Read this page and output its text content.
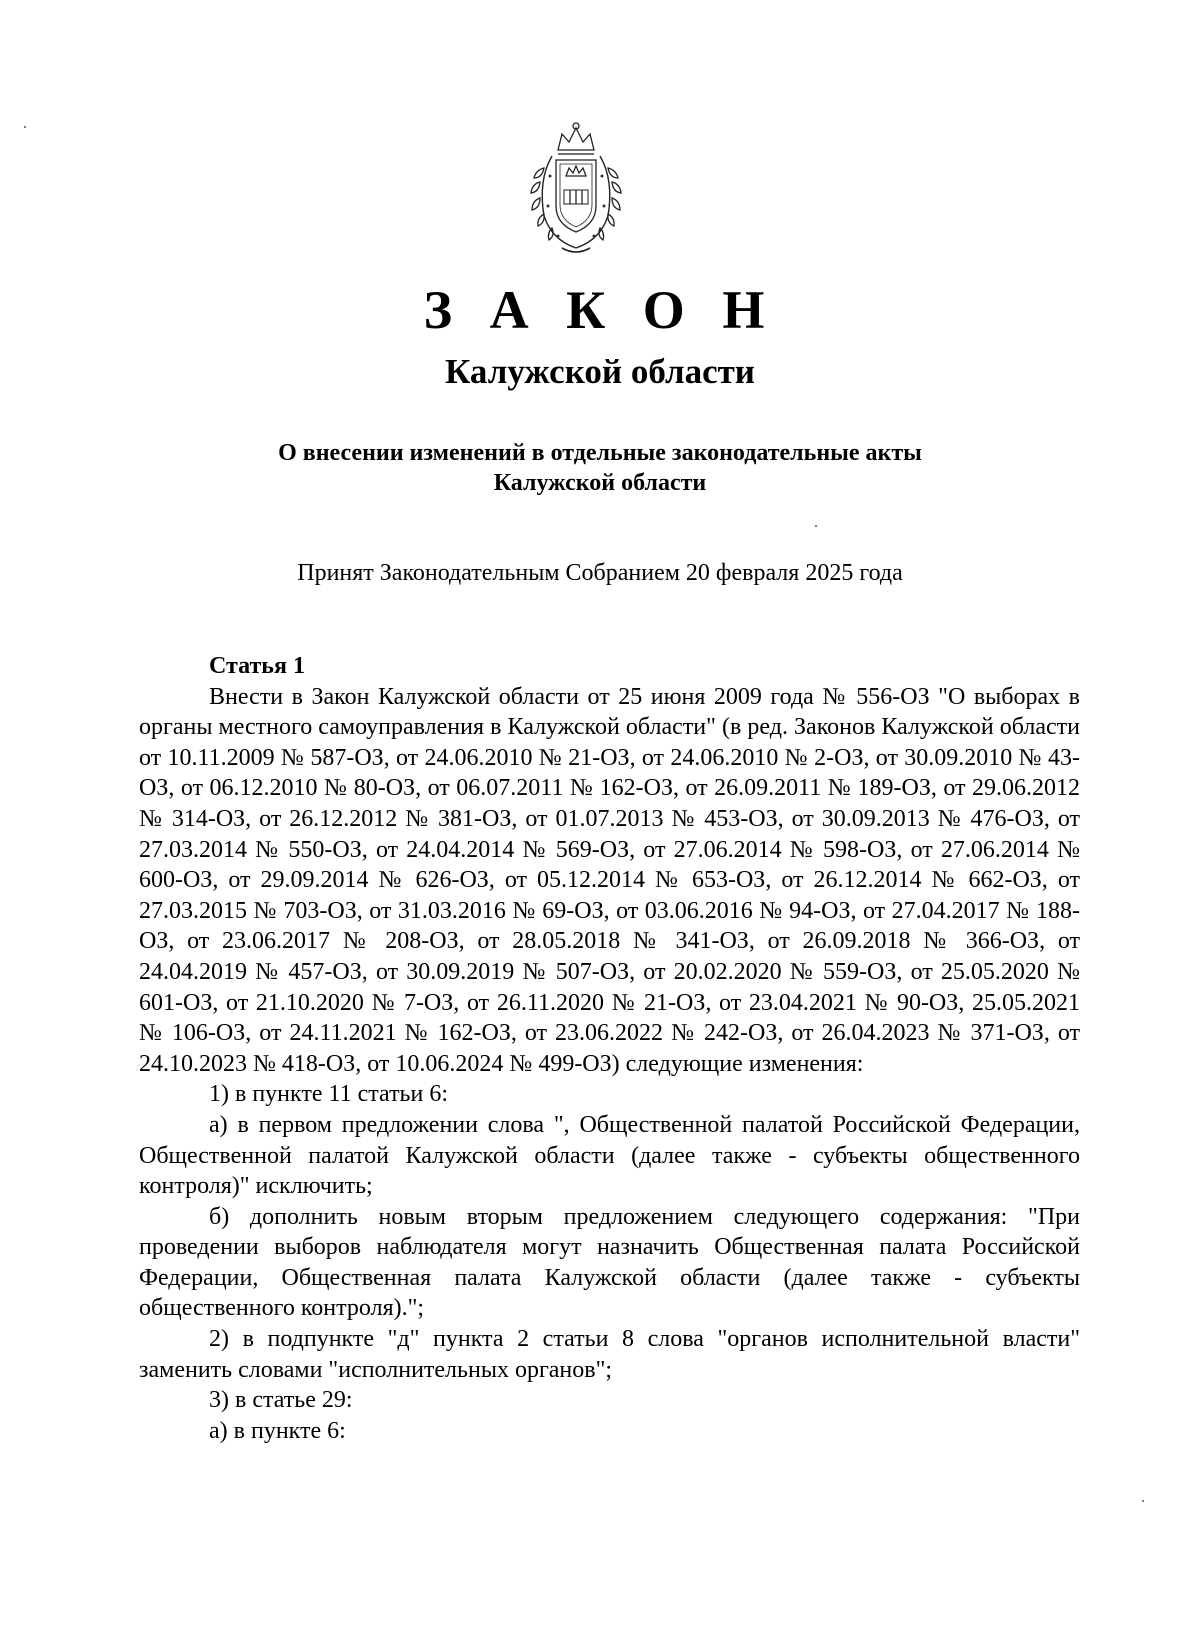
З А К О Н
Калужской области
О внесении изменений в отдельные законодательные акты
Калужской области
Принят Законодательным Собранием 20 февраля 2025 года

Статья 1

Внести в Закон Калужской области от 25 июня 2009 года № 556-ОЗ "О выборах в органы местного самоуправления в Калужской области" (в ред. Законов Калужской области от 10.11.2009 № 587-ОЗ, от 24.06.2010 № 21-ОЗ, от 24.06.2010 № 2-ОЗ, от 30.09.2010 № 43-ОЗ, от 06.12.2010 № 80-ОЗ, от 06.07.2011 № 162-ОЗ, от 26.09.2011 № 189-ОЗ, от 29.06.2012 № 314-ОЗ, от 26.12.2012 № 381-ОЗ, от 01.07.2013 № 453-ОЗ, от 30.09.2013 № 476-ОЗ, от 27.03.2014 № 550-ОЗ, от 24.04.2014 № 569-ОЗ, от 27.06.2014 № 598-ОЗ, от 27.06.2014 № 600-ОЗ, от 29.09.2014 № 626-ОЗ, от 05.12.2014 № 653-ОЗ, от 26.12.2014 № 662-ОЗ, от 27.03.2015 № 703-ОЗ, от 31.03.2016 № 69-ОЗ, от 03.06.2016 № 94-ОЗ, от 27.04.2017 № 188-ОЗ, от 23.06.2017 № 208-ОЗ, от 28.05.2018 № 341-ОЗ, от 26.09.2018 № 366-ОЗ, от 24.04.2019 № 457-ОЗ, от 30.09.2019 № 507-ОЗ, от 20.02.2020 № 559-ОЗ, от 25.05.2020 № 601-ОЗ, от 21.10.2020 № 7-ОЗ, от 26.11.2020 № 21-ОЗ, от 23.04.2021 № 90-ОЗ, 25.05.2021 № 106-ОЗ, от 24.11.2021 № 162-ОЗ, от 23.06.2022 № 242-ОЗ, от 26.04.2023 № 371-ОЗ, от 24.10.2023 № 418-ОЗ, от 10.06.2024 № 499-ОЗ) следующие изменения:

1) в пункте 11 статьи 6:

а) в первом предложении слова ", Общественной палатой Российской Федерации, Общественной палатой Калужской области (далее также - субъекты общественного контроля)" исключить;

б) дополнить новым вторым предложением следующего содержания: "При проведении выборов наблюдателя могут назначить Общественная палата Российской Федерации, Общественная палата Калужской области (далее также - субъекты общественного контроля).";

2) в подпункте "д" пункта 2 статьи 8 слова "органов исполнительной власти" заменить словами "исполнительных органов";

3) в статье 29:

а) в пункте 6:
